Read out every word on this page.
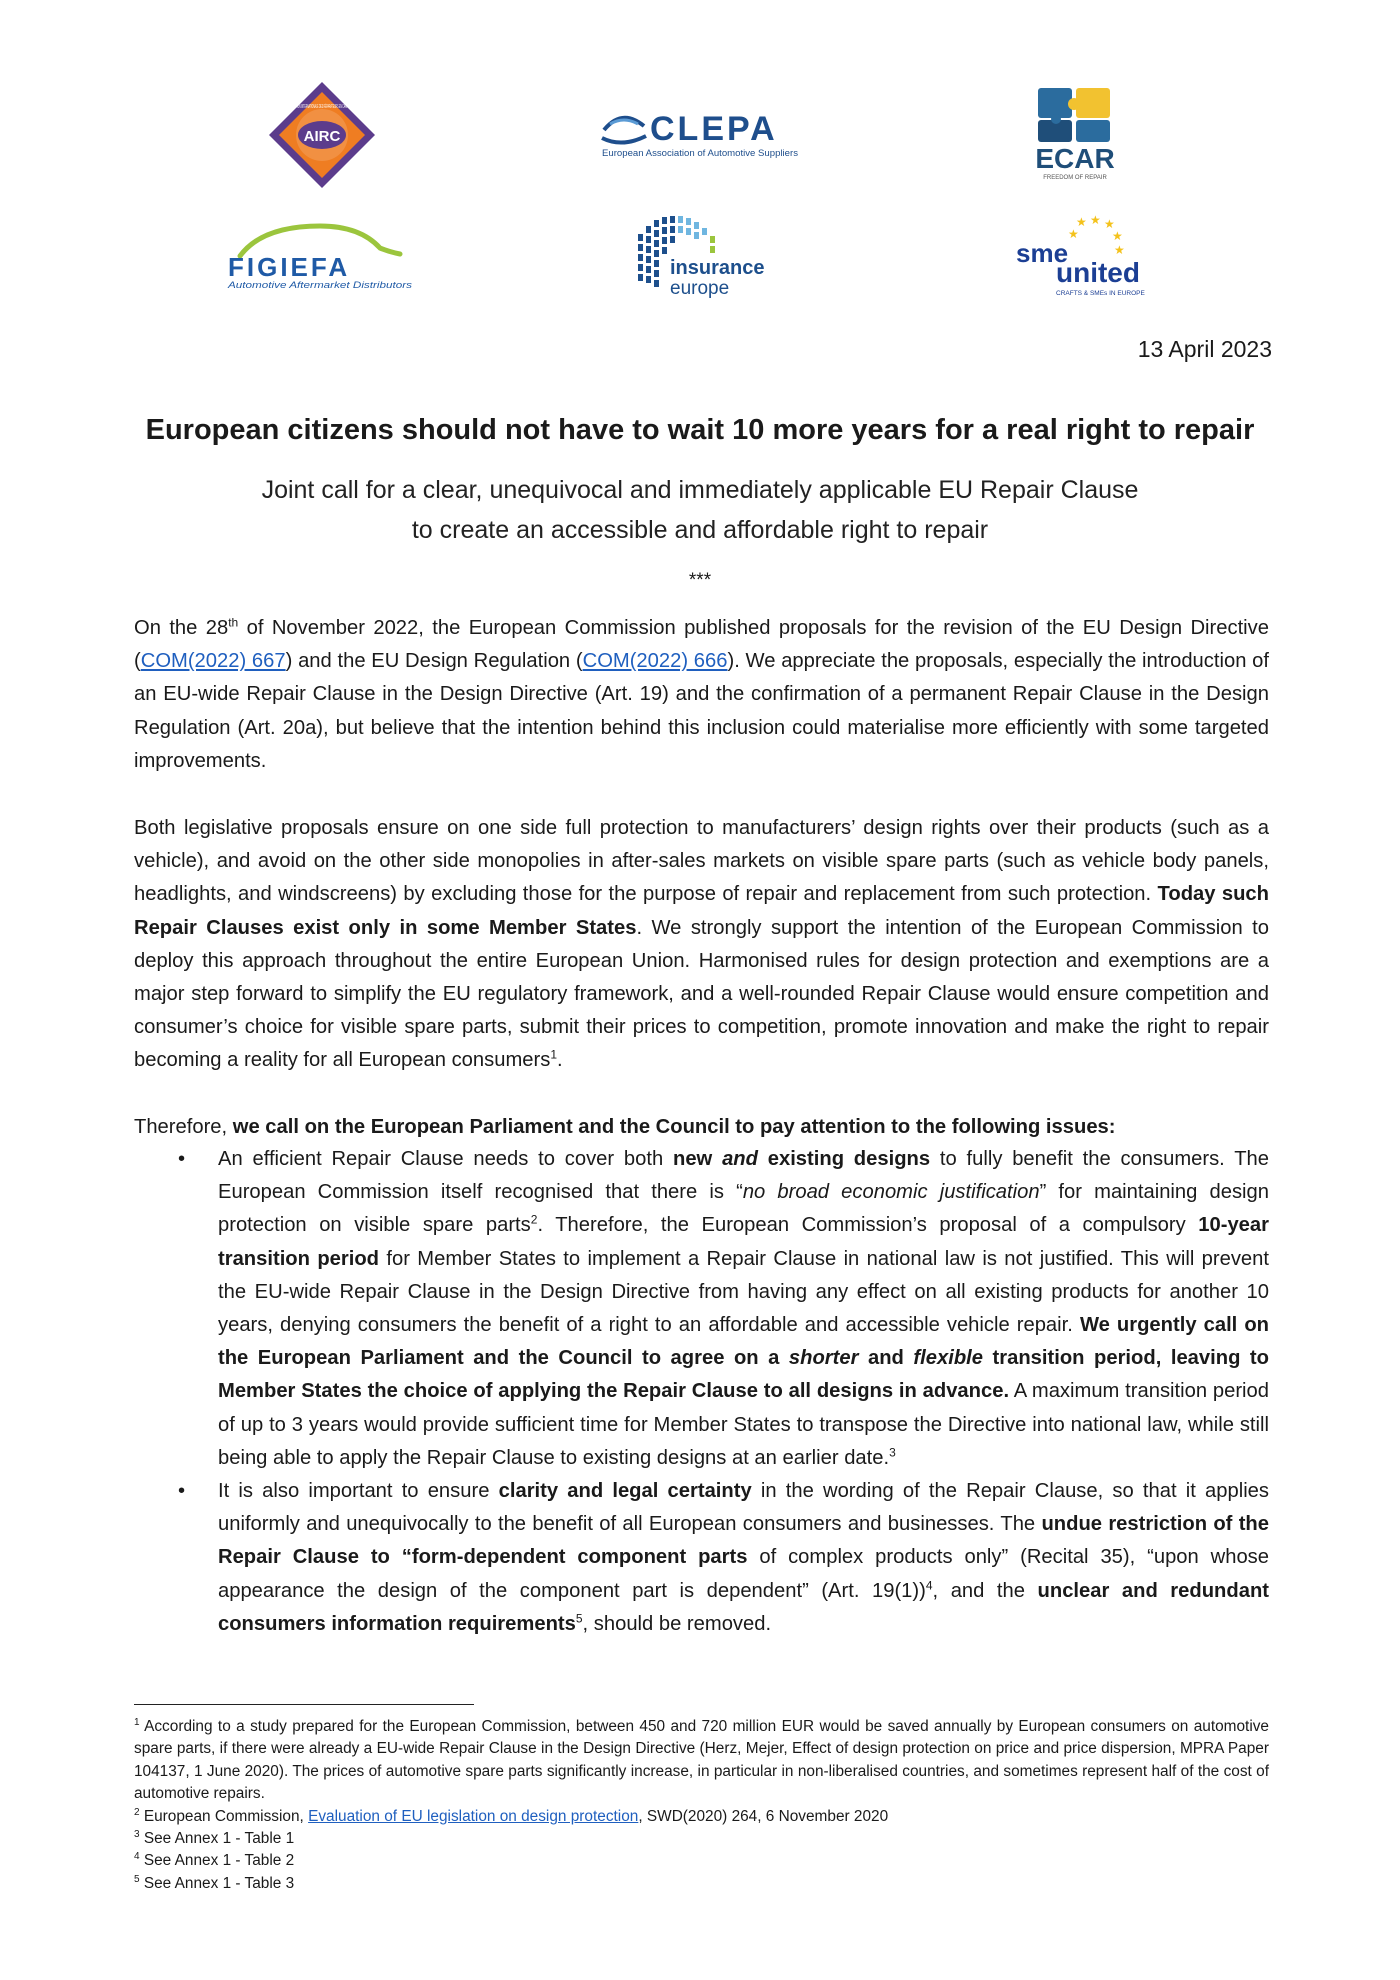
AIRC
ASSOCIATION INTERNATIONALE DES RÉPARATEURS EN CARROSSERIE
CLEPA
European Association of Automotive Suppliers	ECAR
FREEDOM OF REPAIR
FIGIEFA
Automotive Aftermarket Distributors
insurance
europe
★ ★ ★
★	★
★
sme
united
CRAFTS & SMEs IN EUROPE
13 April 2023
European citizens should not have to wait 10 more years for a real right to repair
Joint call for a clear, unequivocal and immediately applicable EU Repair Clause
to create an accessible and affordable right to repair
***
On the 28th of November 2022, the European Commission published proposals for the revision of the EU Design Directive (COM(2022) 667) and the EU Design Regulation (COM(2022) 666). We appreciate the proposals, especially the introduction of an EU-wide Repair Clause in the Design Directive (Art. 19) and the confirmation of a permanent Repair Clause in the Design Regulation (Art. 20a), but believe that the intention behind this inclusion could materialise more efficiently with some targeted improvements.
Both legislative proposals ensure on one side full protection to manufacturers’ design rights over their products (such as a vehicle), and avoid on the other side monopolies in after-sales markets on visible spare parts (such as vehicle body panels, headlights, and windscreens) by excluding those for the purpose of repair and replacement from such protection. Today such Repair Clauses exist only in some Member States. We strongly support the intention of the European Commission to deploy this approach throughout the entire European Union. Harmonised rules for design protection and exemptions are a major step forward to simplify the EU regulatory framework, and a well-rounded Repair Clause would ensure competition and consumer’s choice for visible spare parts, submit their prices to competition, promote innovation and make the right to repair becoming a reality for all European consumers$^1$.
Therefore, we call on the European Parliament and the Council to pay attention to the following issues:
• An efficient Repair Clause needs to cover both new and existing designs to fully benefit the consumers. The European Commission itself recognised that there is “no broad economic justification” for maintaining design protection on visible spare parts$^2$. Therefore, the European Commission’s proposal of a compulsory 10-year transition period for Member States to implement a Repair Clause in national law is not justified. This will prevent the EU-wide Repair Clause in the Design Directive from having any effect on all existing products for another 10 years, denying consumers the benefit of a right to an affordable and accessible vehicle repair. We urgently call on the European Parliament and the Council to agree on a shorter and flexible transition period, leaving to Member States the choice of applying the Repair Clause to all designs in advance. A maximum transition period of up to 3 years would provide sufficient time for Member States to transpose the Directive into national law, while still being able to apply the Repair Clause to existing designs at an earlier date.$^3$
• It is also important to ensure clarity and legal certainty in the wording of the Repair Clause, so that it applies uniformly and unequivocally to the benefit of all European consumers and businesses. The undue restriction of the Repair Clause to “form-dependent component parts of complex products only” (Recital 35), “upon whose appearance the design of the component part is dependent” (Art. 19(1))$^4$, and the unclear and redundant consumers information requirements$^5$, should be removed.

$^1$ According to a study prepared for the European Commission, between 450 and 720 million EUR would be saved annually by European consumers on automotive spare parts, if there were already a EU-wide Repair Clause in the Design Directive (Herz, Mejer, Effect of design protection on price and price dispersion, MPRA Paper 104137, 1 June 2020). The prices of automotive spare parts significantly increase, in particular in non-liberalised countries, and sometimes represent half of the cost of automotive repairs.

$^2$ European Commission, Evaluation of EU legislation on design protection, SWD(2020) 264, 6 November 2020

$^3$ See Annex 1 - Table 1

$^4$ See Annex 1 - Table 2

$^5$ See Annex 1 - Table 3
